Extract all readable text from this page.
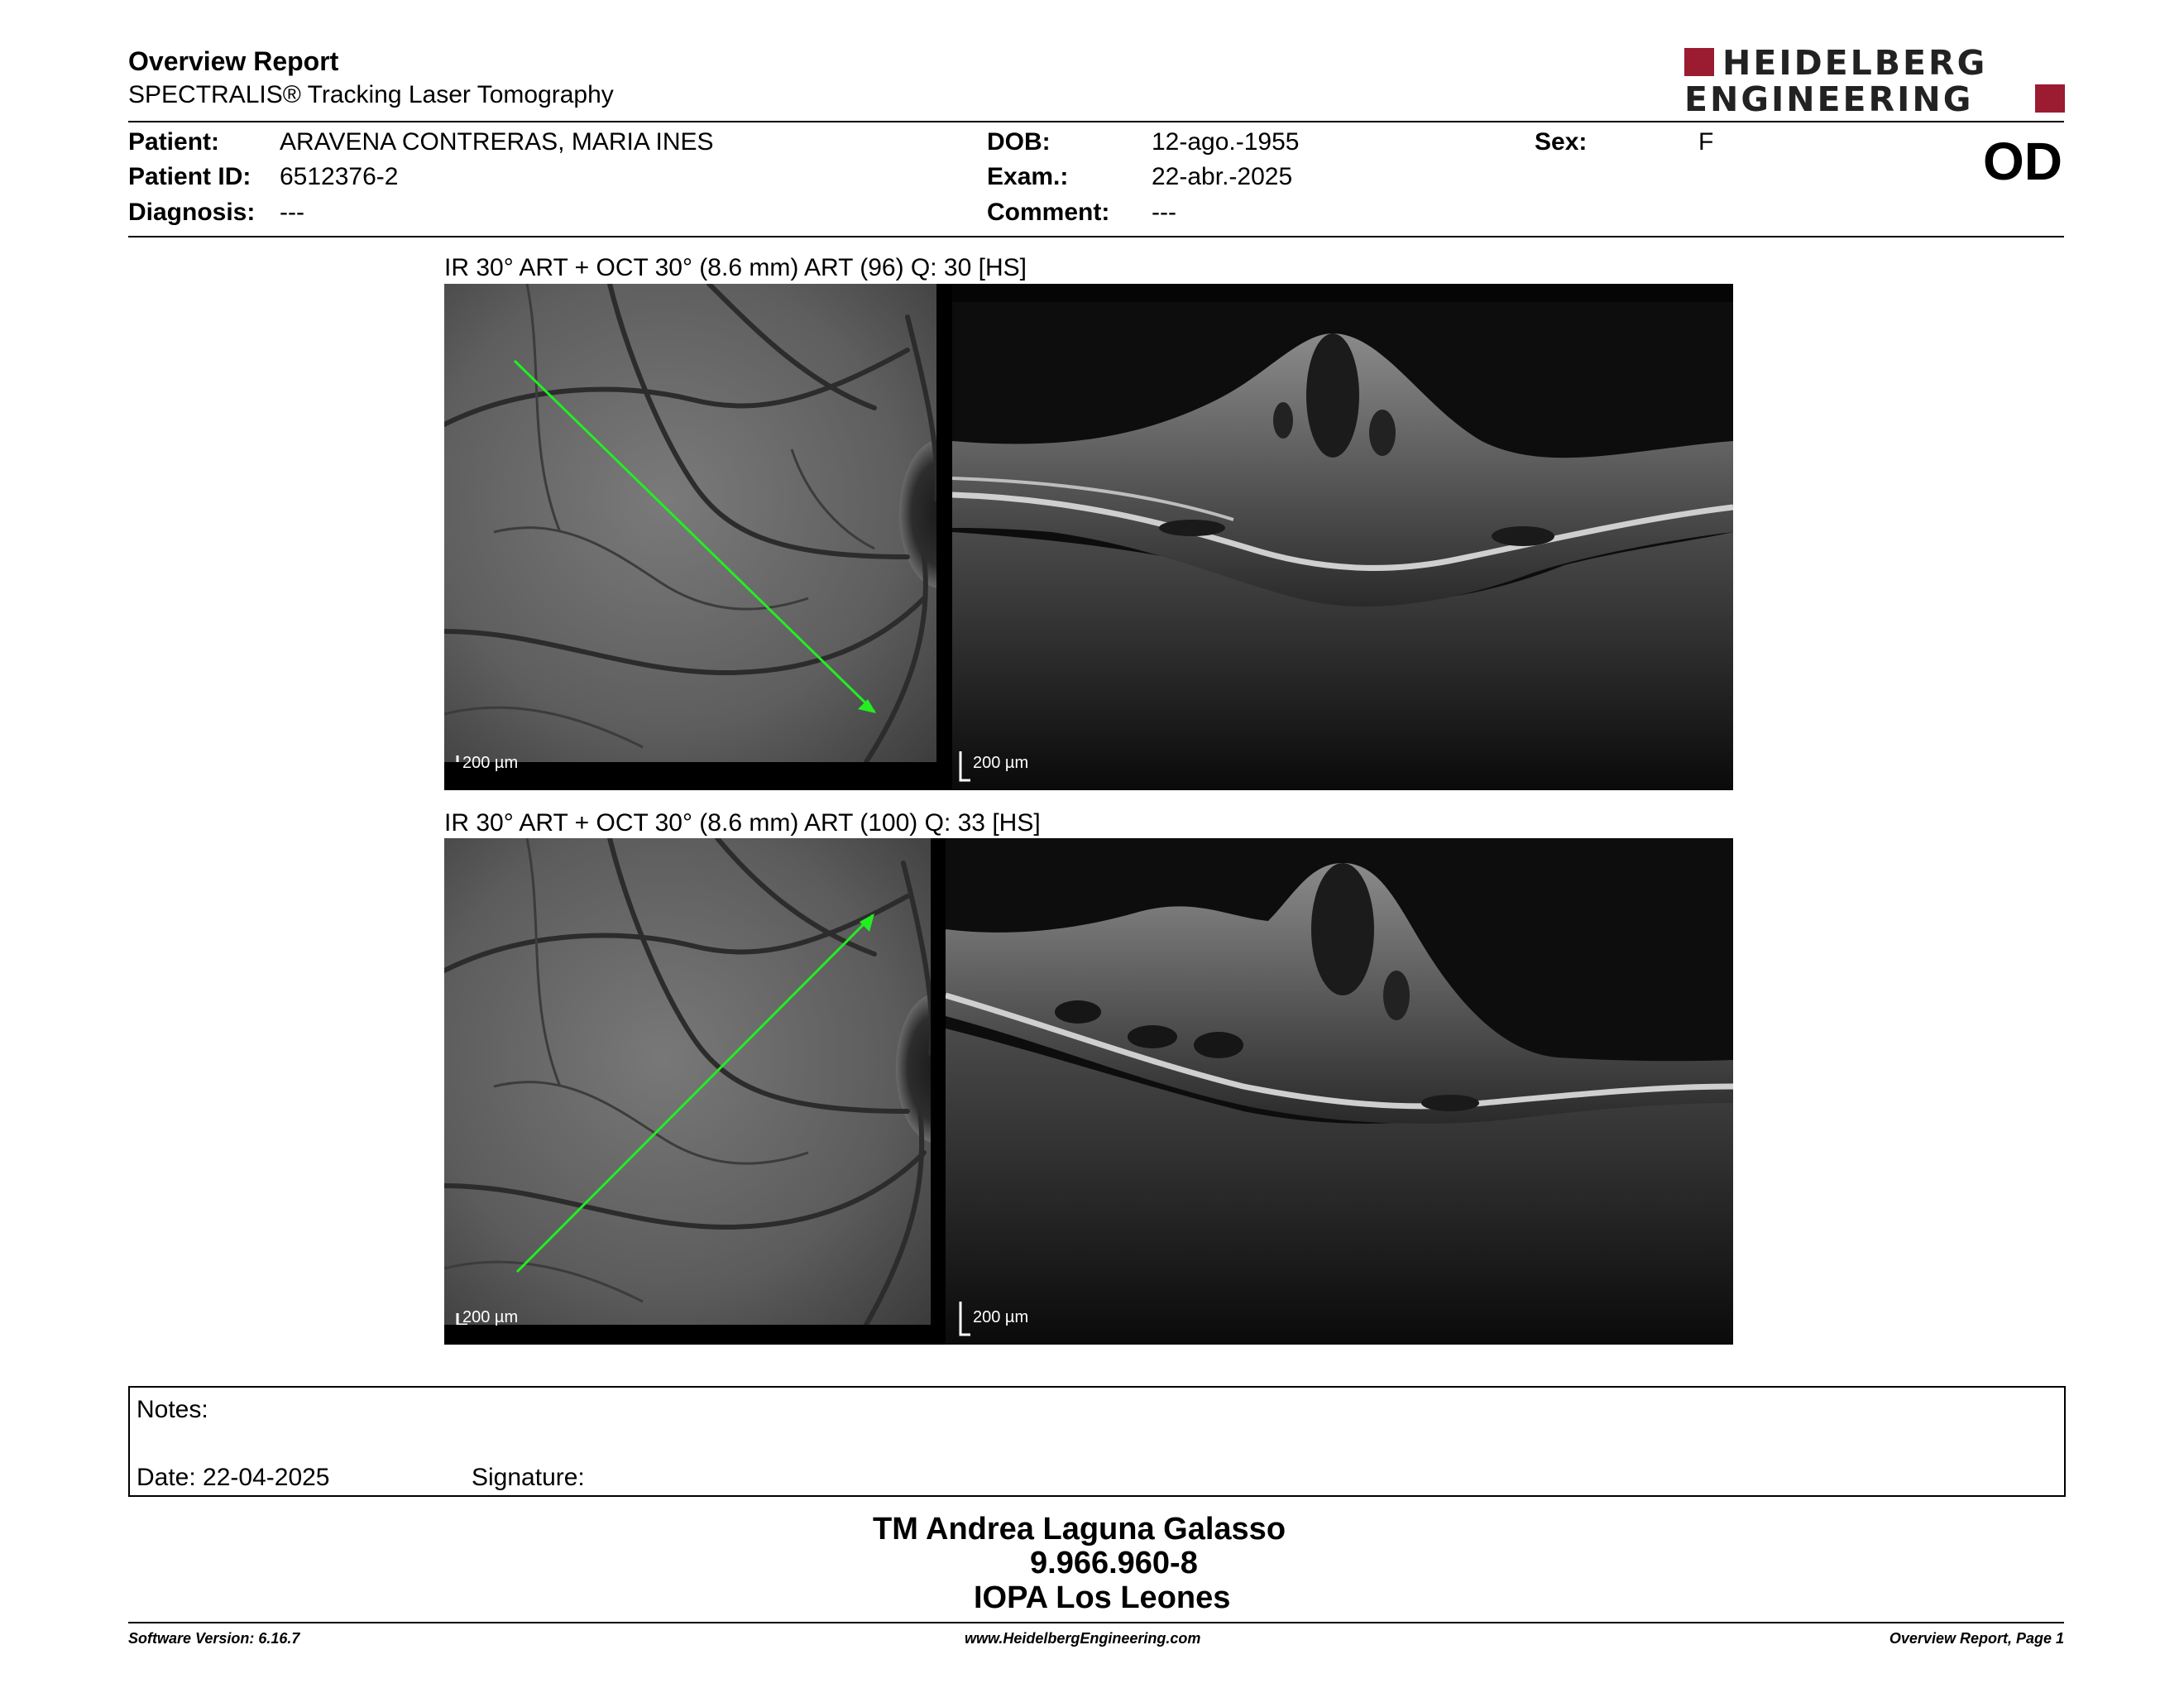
Overview Report
SPECTRALIS® Tracking Laser Tomography
HEIDELBERG
ENGINEERING
Patient: ARAVENA CONTRERAS, MARIA INES
Patient ID: 6512376-2
Diagnosis: ---
DOB:	12-ago.-1955
Exam.:	22-abr.-2025
Comment: ---
Sex:	F	OD
IR 30° ART + OCT 30° (8.6 mm) ART (96) Q: 30 [HS]
200 µm	200 µm
IR 30° ART + OCT 30° (8.6 mm) ART (100) Q: 33 [HS]
200 µm	200 µm
Notes:
Date: 22-04-2025	Signature:
TM Andrea Laguna Galasso
9.966.960-8
IOPA Los Leones
Software Version: 6.16.7	www.HeidelbergEngineering.com	Overview Report, Page 1
